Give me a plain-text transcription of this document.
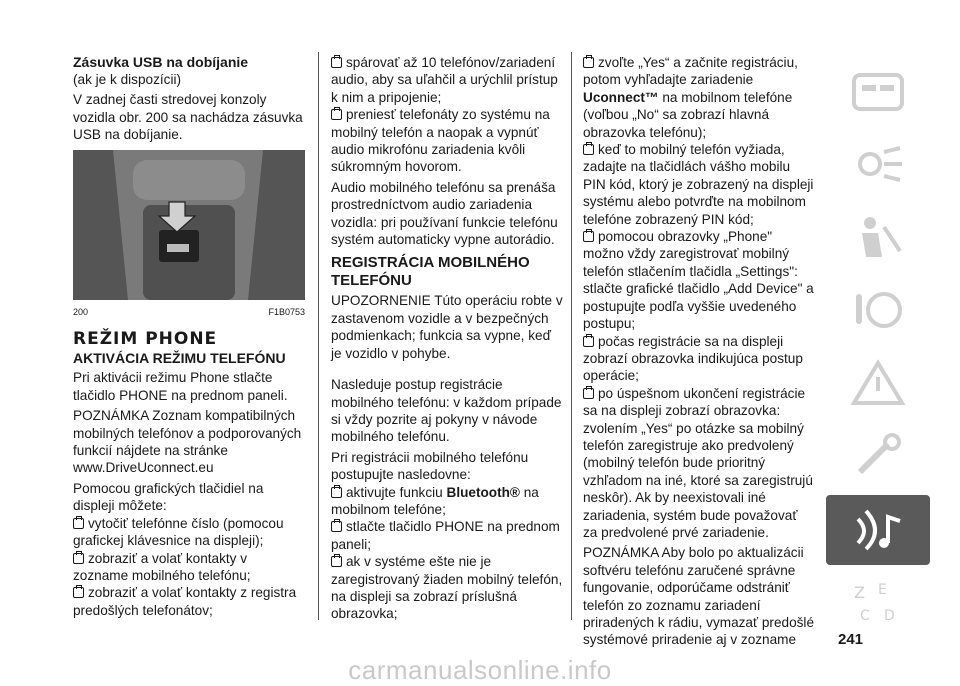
Zásuvka USB na dobíjanie

(ak je k dispozícii)

V zadnej časti stredovej konzoly vozidla obr. 200 sa nachádza zásuvka USB na dobíjanie.

200	F1B0753
REŽIM PHONE
AKTIVÁCIA REŽIMU TELEFÓNU

Pri aktivácii režimu Phone stlačte tlačidlo PHONE na prednom paneli.

POZNÁMKA Zoznam kompatibilných mobilných telefónov a podporovaných funkcií nájdete na stránke www.DriveUconnect.eu

Pomocou grafických tlačidiel na displeji môžete:

vytočiť telefónne číslo (pomocou grafickej klávesnice na displeji);

zobraziť a volať kontakty v zozname mobilného telefónu;

zobraziť a volať kontakty z registra predošlých telefonátov;

spárovať až 10 telefónov/zariadení audio, aby sa uľahčil a urýchlil prístup k nim a pripojenie;

preniesť telefonáty zo systému na mobilný telefón a naopak a vypnúť audio mikrofónu zariadenia kvôli súkromným hovorom.

Audio mobilného telefónu sa prenáša prostredníctvom audio zariadenia vozidla: pri používaní funkcie telefónu systém automaticky vypne autorádio.

REGISTRÁCIA MOBILNÉHO TELEFÓNU

UPOZORNENIE Túto operáciu robte v zastavenom vozidle a v bezpečných podmienkach; funkcia sa vypne, keď je vozidlo v pohybe.

Nasleduje postup registrácie mobilného telefónu: v každom prípade si vždy pozrite aj pokyny v návode mobilného telefónu.

Pri registrácii mobilného telefónu postupujte nasledovne:

aktivujte funkciu Bluetooth® na mobilnom telefóne;

stlačte tlačidlo PHONE na prednom paneli;

ak v systéme ešte nie je zaregistrovaný žiaden mobilný telefón, na displeji sa zobrazí príslušná obrazovka;

zvoľte „Yes“ a začnite registráciu, potom vyhľadajte zariadenie Uconnect™ na mobilnom telefóne (voľbou „No“ sa zobrazí hlavná obrazovka telefónu);

keď to mobilný telefón vyžiada, zadajte na tlačidlách vášho mobilu PIN kód, ktorý je zobrazený na displeji systému alebo potvrďte na mobilnom telefóne zobrazený PIN kód;

pomocou obrazovky „Phone" možno vždy zaregistrovať mobilný telefón stlačením tlačidla „Settings": stlačte grafické tlačidlo „Add Device" a postupujte podľa vyššie uvedeného postupu;

počas registrácie sa na displeji zobrazí obrazovka indikujúca postup operácie;

po úspešnom ukončení registrácie sa na displeji zobrazí obrazovka: zvolením „Yes“ po otázke sa mobilný telefón zaregistruje ako predvolený (mobilný telefón bude prioritný vzhľadom na iné, ktoré sa zaregistrujú neskôr). Ak by neexistovali iné zariadenia, systém bude považovať za predvolené prvé zariadenie.

POZNÁMKA Aby bolo po aktualizácii softvéru telefónu zaručené správne fungovanie, odporúčame odstrániť telefón zo zoznamu zariadení priradených k rádiu, vymazať predošlé systémové priradenie aj v zozname

Z E
C D
241
carmanualsonline.info
